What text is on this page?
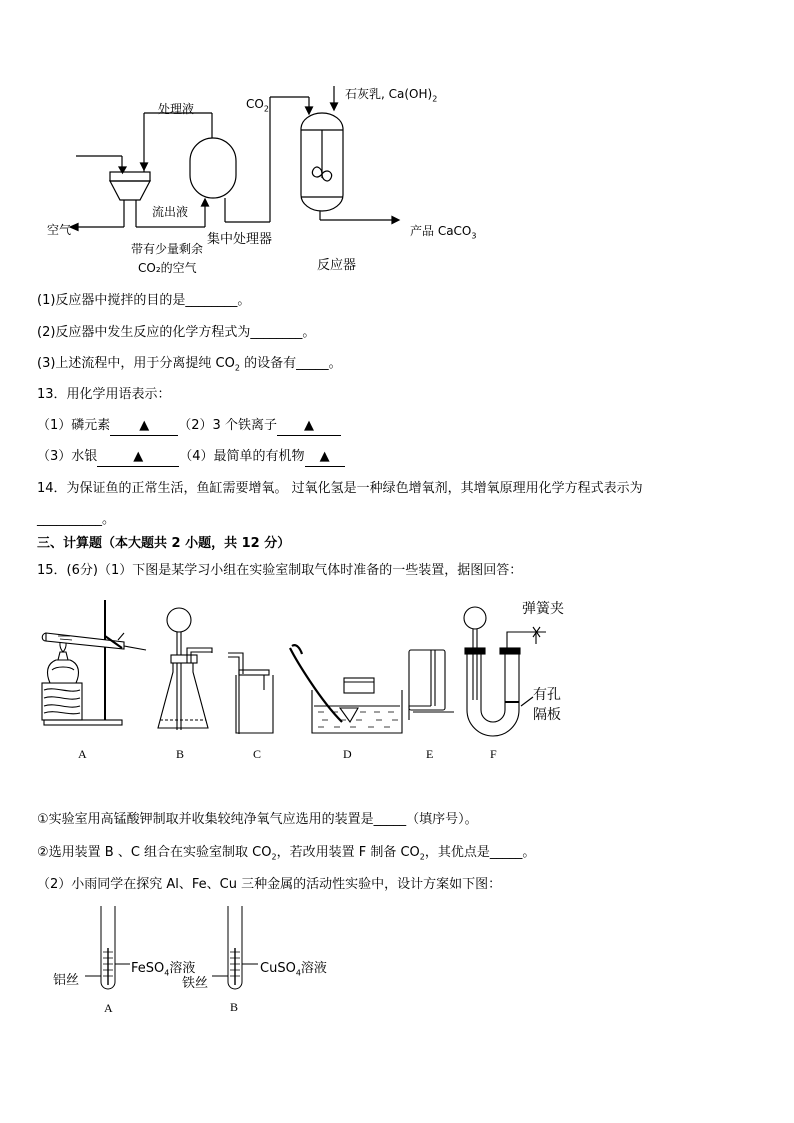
处理液	$CO_2$
石灰乳, $Ca(OH)_2$
流出液
空气
带有少量剩余
CO₂的空气
集中处理器
产品 CaCO$_3$
反应器
(1)反应器中搅拌的目的是________。
(2)反应器中发生反应的化学方程式为________。
(3)上述流程中，用于分离提纯 $CO_2$ 的设备有_____。
13．用化学用语表示：
（1）磷元素 ▲ （2）3 个铁离子 ▲
（3）水银	▲	（4）最简单的有机物 ▲
14．为保证鱼的正常生活，鱼缸需要增氧。 过氧化氢是一种绿色增氧剂，其增氧原理用化学方程式表示为
__________。
三、计算题（本大题共 2 小题，共 12 分）
15．(6分)（1）下图是某学习小组在实验室制取气体时准备的一些装置，据图回答：
A	B	C	D	E	F
弹簧夹
有孔
隔板
①实验室用高锰酸钾制取并收集较纯净氧气应选用的装置是_____（填序号）。
②选用装置 B 、C 组合在实验室制取 $CO_2$，若改用装置 F 制备 $CO_2$，其优点是_____。
（2）小雨同学在探究 Al、Fe、Cu 三种金属的活动性实验中，设计方案如下图：
FeSO$_4$溶液
铝丝
CuSO$_4$溶液
铁丝
A	B
